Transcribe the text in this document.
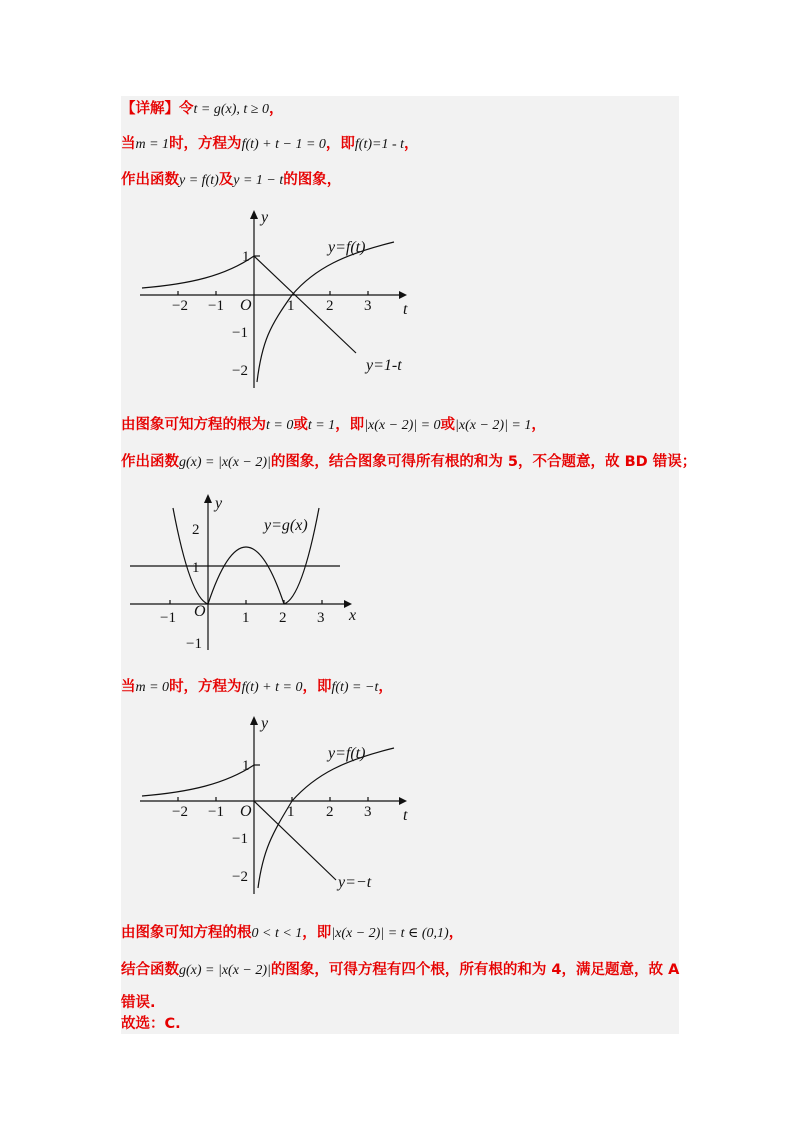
【详解】令t = g(x), t ≥ 0，
当m = 1时，方程为f(t) + t − 1 = 0，即f(t)=1 - t，
作出函数y = f(t)及y = 1 − t的图象，
−2 −1	1 2 3
O
1
−1
−2
t
y
y=f(t)
y=1-t
由图象可知方程的根为t = 0或t = 1，即|x(x − 2)| = 0或|x(x − 2)| = 1，
作出函数g(x) = |x(x − 2)|的图象，结合图象可得所有根的和为 5，不合题意，故 BD 错误；
−1	1 2 3
O
2
1
−1
x
y
y=g(x)
当m = 0时，方程为f(t) + t = 0，即f(t) = −t，
−2 −1	1 2 3
O
1
−1
−2
t
y
y=f(t)
y=−t
由图象可知方程的根0 < t < 1，即|x(x − 2)| = t ∈ (0,1)，
结合函数g(x) = |x(x − 2)|的图象，可得方程有四个根，所有根的和为 4，满足题意，故 A
错误.
故选：C.
